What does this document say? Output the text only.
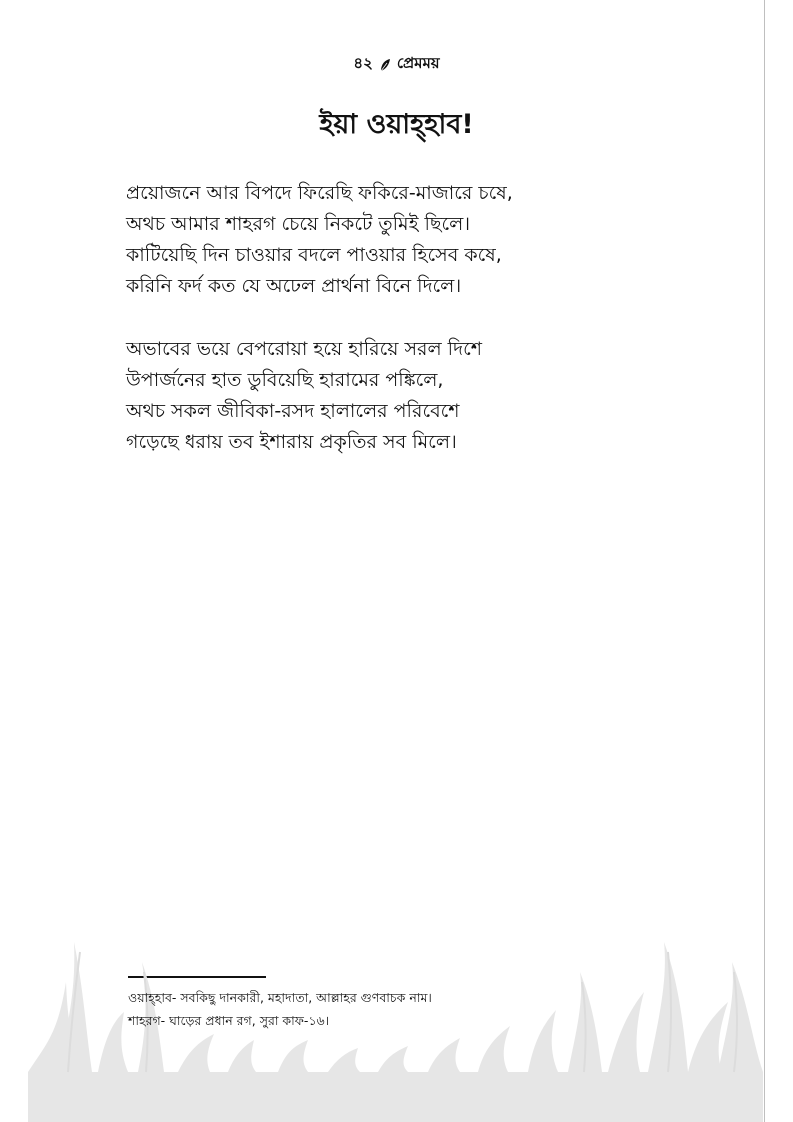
৪২ প্রেমময়
ইয়া ওয়াহ্হাব!
প্রয়োজনে আর বিপদে ফিরেছি ফকিরে-মাজারে চষে,
অথচ আমার শাহরগ চেয়ে নিকটে তুমিই ছিলে।
কাটিয়েছি দিন চাওয়ার বদলে পাওয়ার হিসেব কষে,
করিনি ফর্দ কত যে অঢেল প্রার্থনা বিনে দিলে।
অভাবের ভয়ে বেপরোয়া হয়ে হারিয়ে সরল দিশে
উপার্জনের হাত ডুবিয়েছি হারামের পঙ্কিলে,
অথচ সকল জীবিকা-রসদ হালালের পরিবেশে
গড়েছে ধরায় তব ইশারায় প্রকৃতির সব মিলে।
ওয়াহ্হাব- সবকিছু দানকারী, মহাদাতা, আল্লাহর গুণবাচক নাম।
শাহরগ- ঘাড়ের প্রধান রগ, সুরা কাফ-১৬।
